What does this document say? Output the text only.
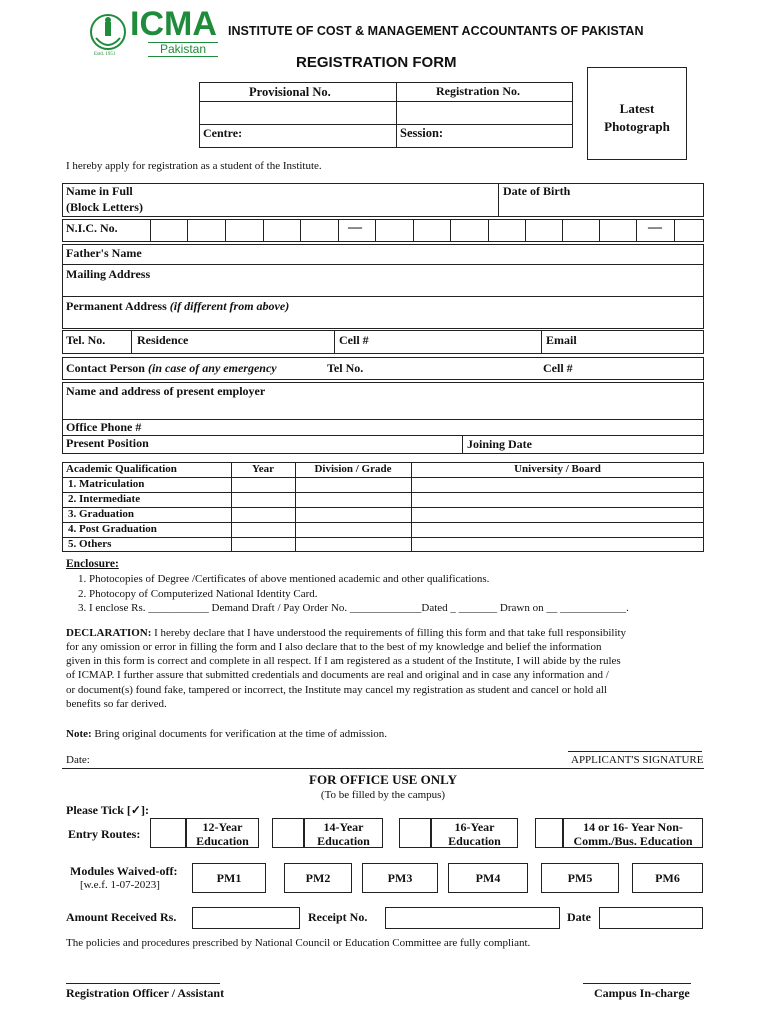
ICMA
Pakistan
Estd. 1951
INSTITUTE OF COST & MANAGEMENT ACCOUNTANTS OF PAKISTAN
REGISTRATION FORM
Provisional No.	Registration No.
Centre:	Session:
Latest
Photograph
I hereby apply for registration as a student of the Institute.
Name in Full
(Block Letters)
Date of Birth
N.I.C. No.	—	—
Father's Name
Mailing Address
Permanent Address (if different from above)
Tel. No.	Residence	Cell #	Email
Contact Person (in case of any emergency	Tel No.	Cell #
Name and address of present employer
Office Phone #
Present Position	Joining Date
Academic Qualification	Year	Division / Grade	University / Board
1. Matriculation
2. Intermediate
3. Graduation
4. Post Graduation
5. Others
Enclosure:
1. Photocopies of Degree /Certificates of above mentioned academic and other qualifications.
2. Photocopy of Computerized National Identity Card.
3. I enclose Rs. ___________ Demand Draft / Pay Order No. _____________Dated _ _______ Drawn on __ ____________.
DECLARATION: I hereby declare that I have understood the requirements of filling this form and that take full responsibility
for any omission or error in filling the form and I also declare that to the best of my knowledge and belief the information
given in this form is correct and complete in all respect. If I am registered as a student of the Institute, I will abide by the rules
of ICMAP. I further assure that submitted credentials and documents are real and original and in case any information and /
or document(s) found fake, tampered or incorrect, the Institute may cancel my registration as student and cancel or hold all
benefits so far derived.
Note: Bring original documents for verification at the time of admission.
Date:	APPLICANT'S SIGNATURE
FOR OFFICE USE ONLY
(To be filled by the campus)
Please Tick [✓]:
Entry Routes:	12-Year
Education
14-Year
Education
16-Year
Education
14 or 16- Year Non-
Comm./Bus. Education
Modules Waived-off:
[w.e.f. 1-07-2023]	PM1	PM2	PM3	PM4	PM5	PM6
Amount Received Rs.	Receipt No.	Date
The policies and procedures prescribed by National Council or Education Committee are fully compliant.
Registration Officer / Assistant	Campus In-charge
